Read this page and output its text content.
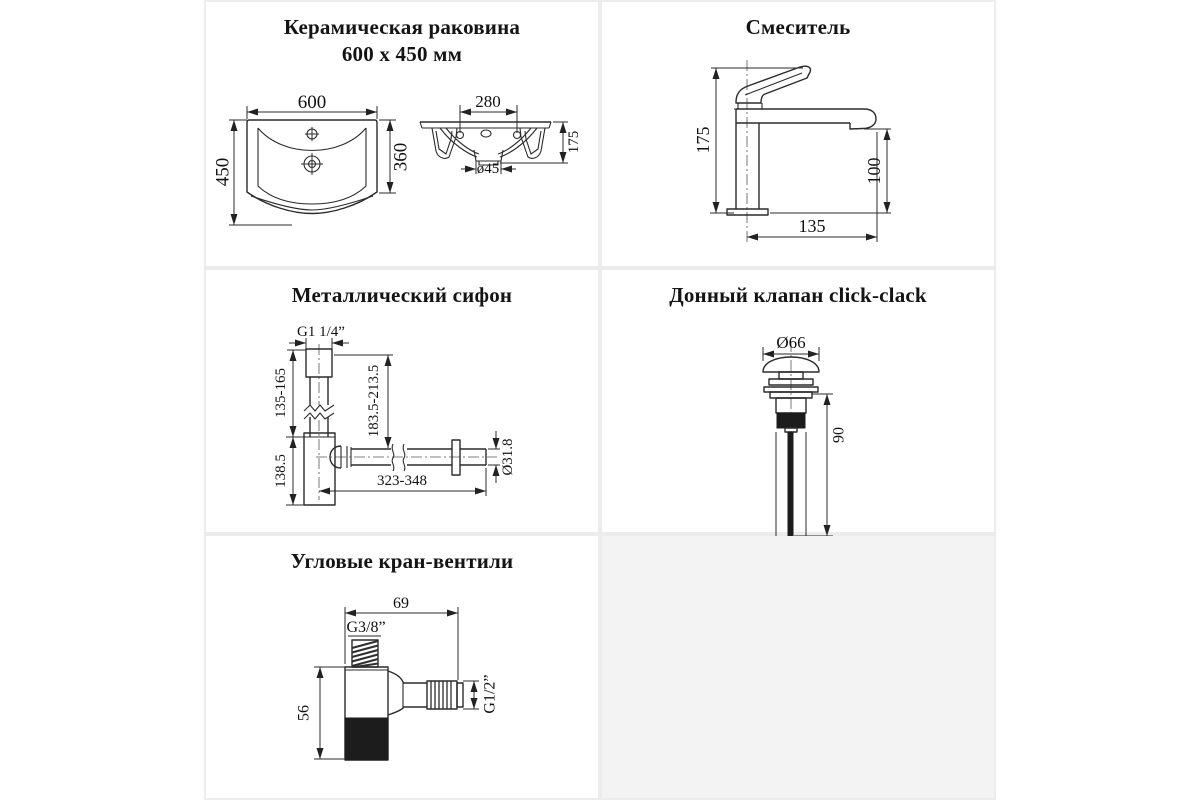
Керамическая раковина
600 х 450 мм
600
450
360
280
175
ø45
Смеситель
175
100
135
Металлический сифон
G1 1/4”
135-165
138.5
183.5-213.5
323-348
Ø31.8
Донный клапан click-clack
Ø66
90
Угловые кран-вентили
69
G3/8”
56	G1/2”
